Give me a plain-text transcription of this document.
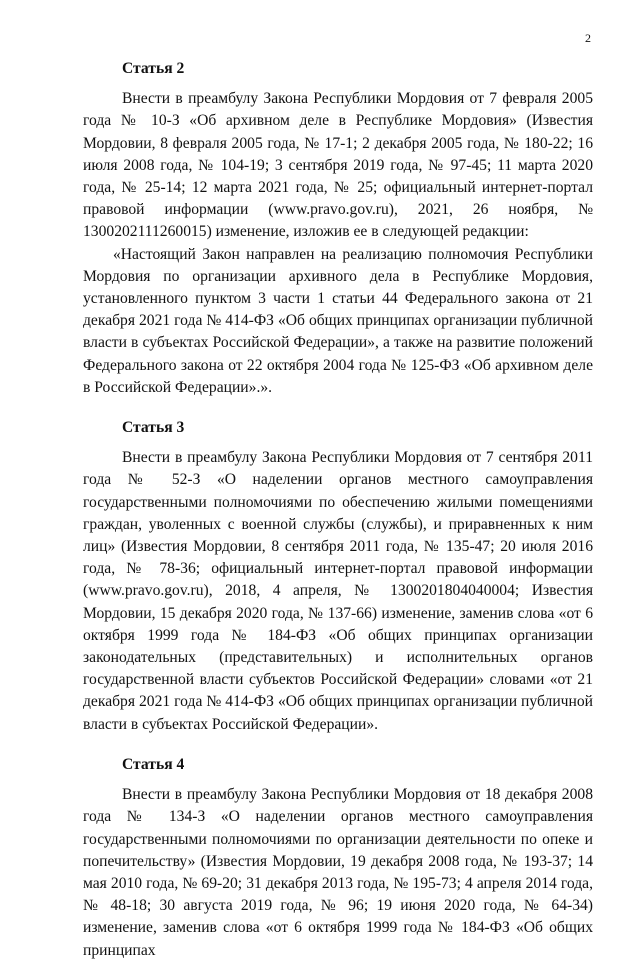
2

Статья 2

Внести в преамбулу Закона Республики Мордовия от 7 февраля 2005 года № 10-З «Об архивном деле в Республике Мордовия» (Известия Мордовии, 8 февраля 2005 года, № 17-1; 2 декабря 2005 года, № 180-22; 16 июля 2008 года, № 104-19; 3 сентября 2019 года, № 97-45; 11 марта 2020 года, № 25-14; 12 марта 2021 года, № 25; официальный интернет-портал правовой информации (www.pravo.gov.ru), 2021, 26 ноября, № 1300202111260015) изменение, изложив ее в следующей редакции:

«Настоящий Закон направлен на реализацию полномочия Республики Мордовия по организации архивного дела в Республике Мордовия, установленного пунктом 3 части 1 статьи 44 Федерального закона от 21 декабря 2021 года № 414-ФЗ «Об общих принципах организации публичной власти в субъектах Российской Федерации», а также на развитие положений Федерального закона от 22 октября 2004 года № 125-ФЗ «Об архивном деле в Российской Федерации».».

Статья 3

Внести в преамбулу Закона Республики Мордовия от 7 сентября 2011 года № 52-З «О наделении органов местного самоуправления государственными полномочиями по обеспечению жилыми помещениями граждан, уволенных с военной службы (службы), и приравненных к ним лиц» (Известия Мордовии, 8 сентября 2011 года, № 135-47; 20 июля 2016 года, № 78-36; официальный интернет-портал правовой информации (www.pravo.gov.ru), 2018, 4 апреля, № 1300201804040004; Известия Мордовии, 15 декабря 2020 года, № 137-66) изменение, заменив слова «от 6 октября 1999 года № 184-ФЗ «Об общих принципах организации законодательных (представительных) и исполнительных органов государственной власти субъектов Российской Федерации» словами «от 21 декабря 2021 года № 414-ФЗ «Об общих принципах организации публичной власти в субъектах Российской Федерации».

Статья 4

Внести в преамбулу Закона Республики Мордовия от 18 декабря 2008 года № 134-З «О наделении органов местного самоуправления государственными полномочиями по организации деятельности по опеке и попечительству» (Известия Мордовии, 19 декабря 2008 года, № 193-37; 14 мая 2010 года, № 69-20; 31 декабря 2013 года, № 195-73; 4 апреля 2014 года, № 48-18; 30 августа 2019 года, № 96; 19 июня 2020 года, № 64-34) изменение, заменив слова «от 6 октября 1999 года № 184-ФЗ «Об общих принципах
